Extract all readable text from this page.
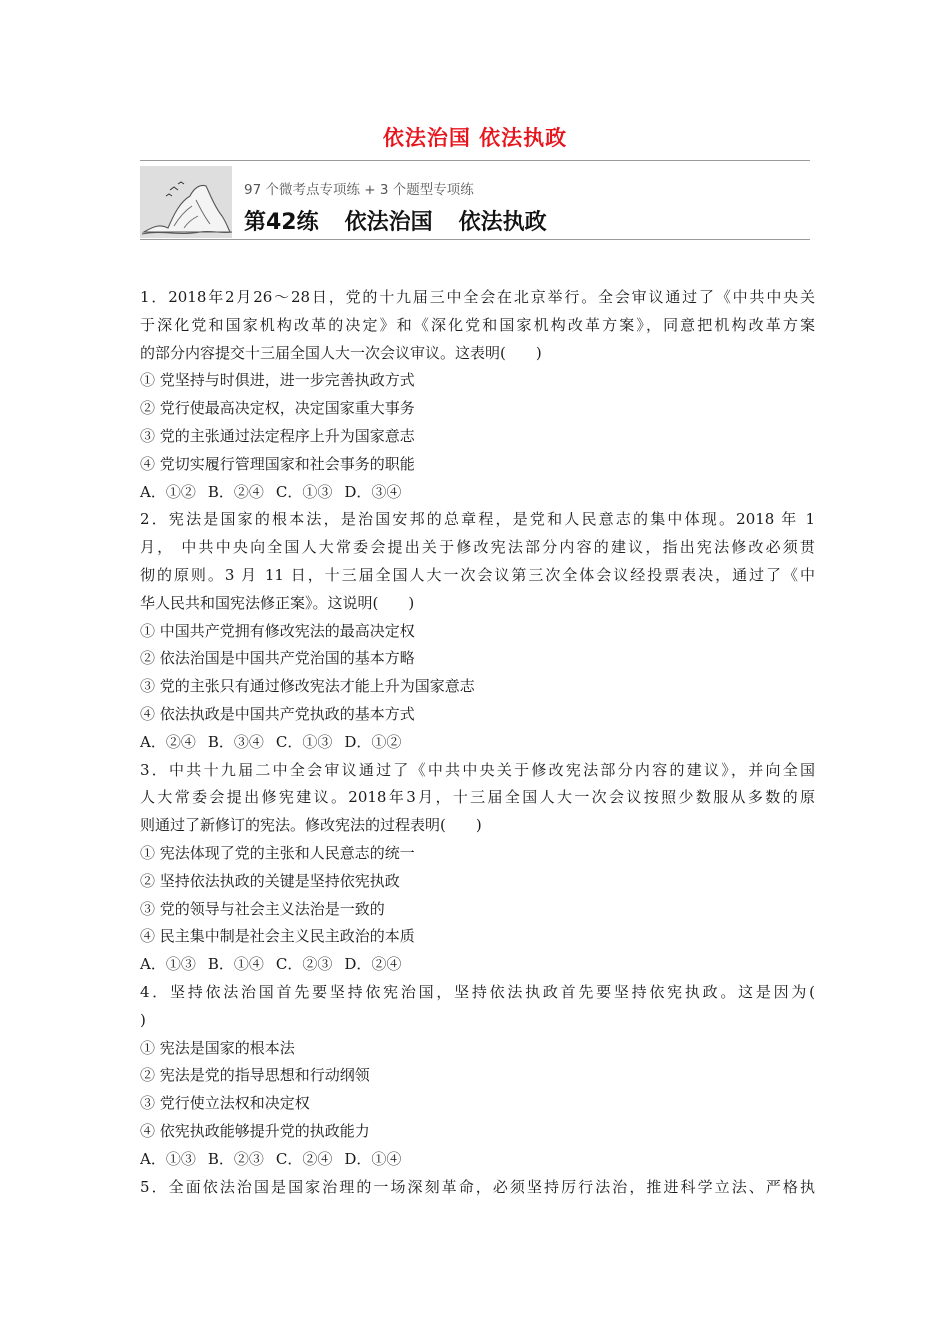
依法治国 依法执政
97 个微考点专项练 + 3 个题型专项练
第42练 依法治国 依法执政
1．2018年2月26～28日，党的十九届三中全会在北京举行。全会审议通过了《中共中央关
于深化党和国家机构改革的决定》和《深化党和国家机构改革方案》，同意把机构改革方案
的部分内容提交十三届全国人大一次会议审议。这表明(　　)
① 党坚持与时俱进，进一步完善执政方式
② 党行使最高决定权，决定国家重大事务
③ 党的主张通过法定程序上升为国家意志
④ 党切实履行管理国家和社会事务的职能
A．①② B．②④ C．①③ D．③④
2．宪法是国家的根本法，是治国安邦的总章程，是党和人民意志的集中体现。2018 年 1
月， 中共中央向全国人大常委会提出关于修改宪法部分内容的建议，指出宪法修改必须贯
彻的原则。3 月 11 日，十三届全国人大一次会议第三次全体会议经投票表决，通过了《中
华人民共和国宪法修正案》。这说明(　　)
① 中国共产党拥有修改宪法的最高决定权
② 依法治国是中国共产党治国的基本方略
③ 党的主张只有通过修改宪法才能上升为国家意志
④ 依法执政是中国共产党执政的基本方式
A．②④ B．③④ C．①③ D．①②
3．中共十九届二中全会审议通过了《中共中央关于修改宪法部分内容的建议》，并向全国
人大常委会提出修宪建议。2018年3月，十三届全国人大一次会议按照少数服从多数的原
则通过了新修订的宪法。修改宪法的过程表明(　　)
① 宪法体现了党的主张和人民意志的统一
② 坚持依法执政的关键是坚持依宪执政
③ 党的领导与社会主义法治是一致的
④ 民主集中制是社会主义民主政治的本质
A．①③ B．①④ C．②③ D．②④
4．坚持依法治国首先要坚持依宪治国，坚持依法执政首先要坚持依宪执政。这是因为(
)
① 宪法是国家的根本法
② 宪法是党的指导思想和行动纲领
③ 党行使立法权和决定权
④ 依宪执政能够提升党的执政能力
A．①③ B．②③ C．②④ D．①④
5．全面依法治国是国家治理的一场深刻革命，必须坚持厉行法治，推进科学立法、严格执
